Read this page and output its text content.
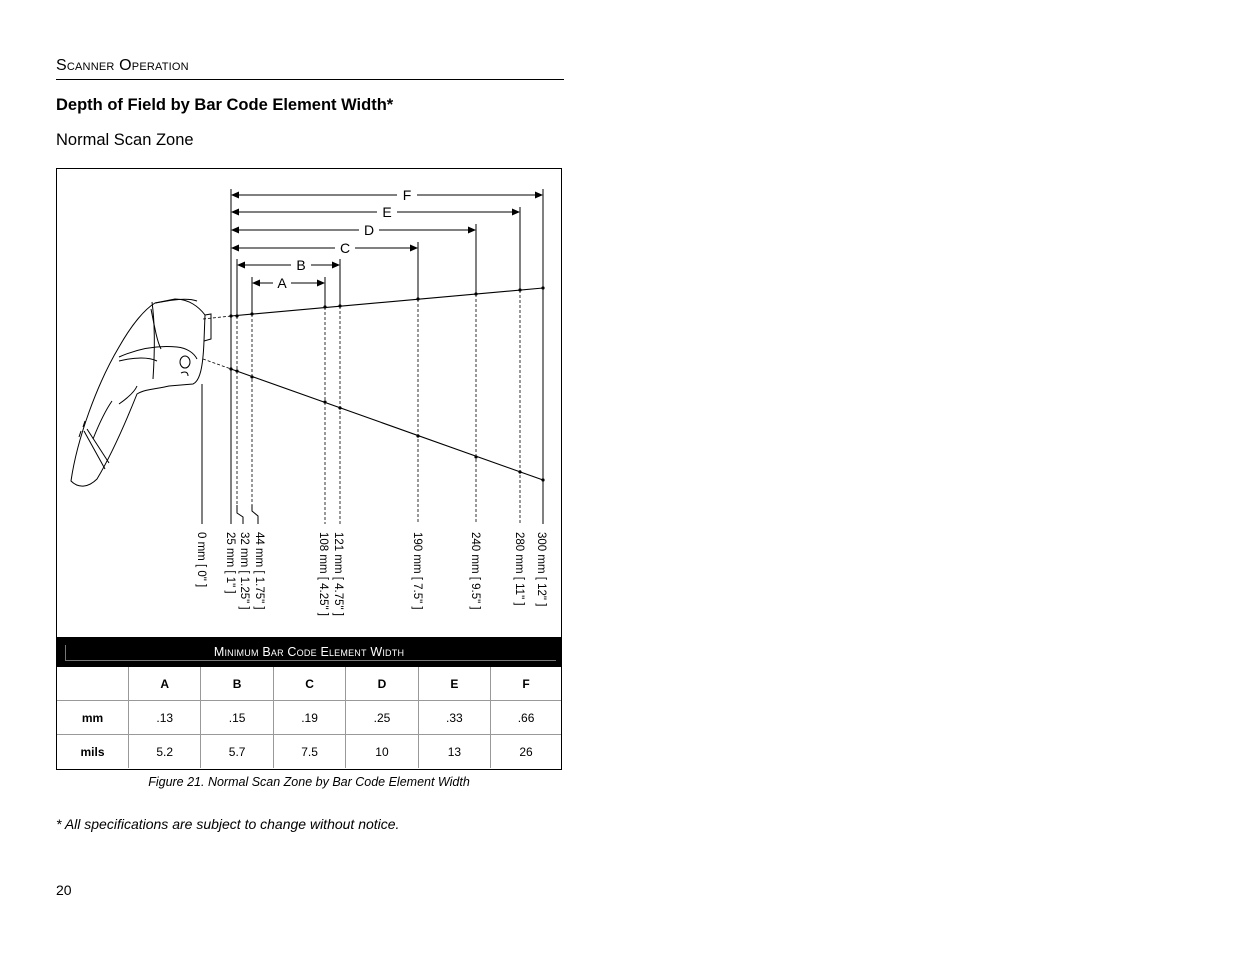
Scanner Operation
Depth of Field by Bar Code Element Width*
Normal Scan Zone
F
E
D
C
B
A
0 mm [ 0" ] 25 mm [ 1" ] 32 mm [ 1.25" ] 44 mm [ 1.75" ]	108 mm [ 4.25" ] 121 mm [ 4.75" ]	190 mm [ 7.5" ]	240 mm [ 9.5" ]	280 mm [ 11" ] 300 mm [ 12" ]
Minimum Bar Code Element Width
	A	B	C	D	E	F
mm	.13	.15	.19	.25	.33	.66
mils	5.2	5.7	7.5	10	13	26
Figure 21. Normal Scan Zone by Bar Code Element Width
* All specifications are subject to change without notice.
20
